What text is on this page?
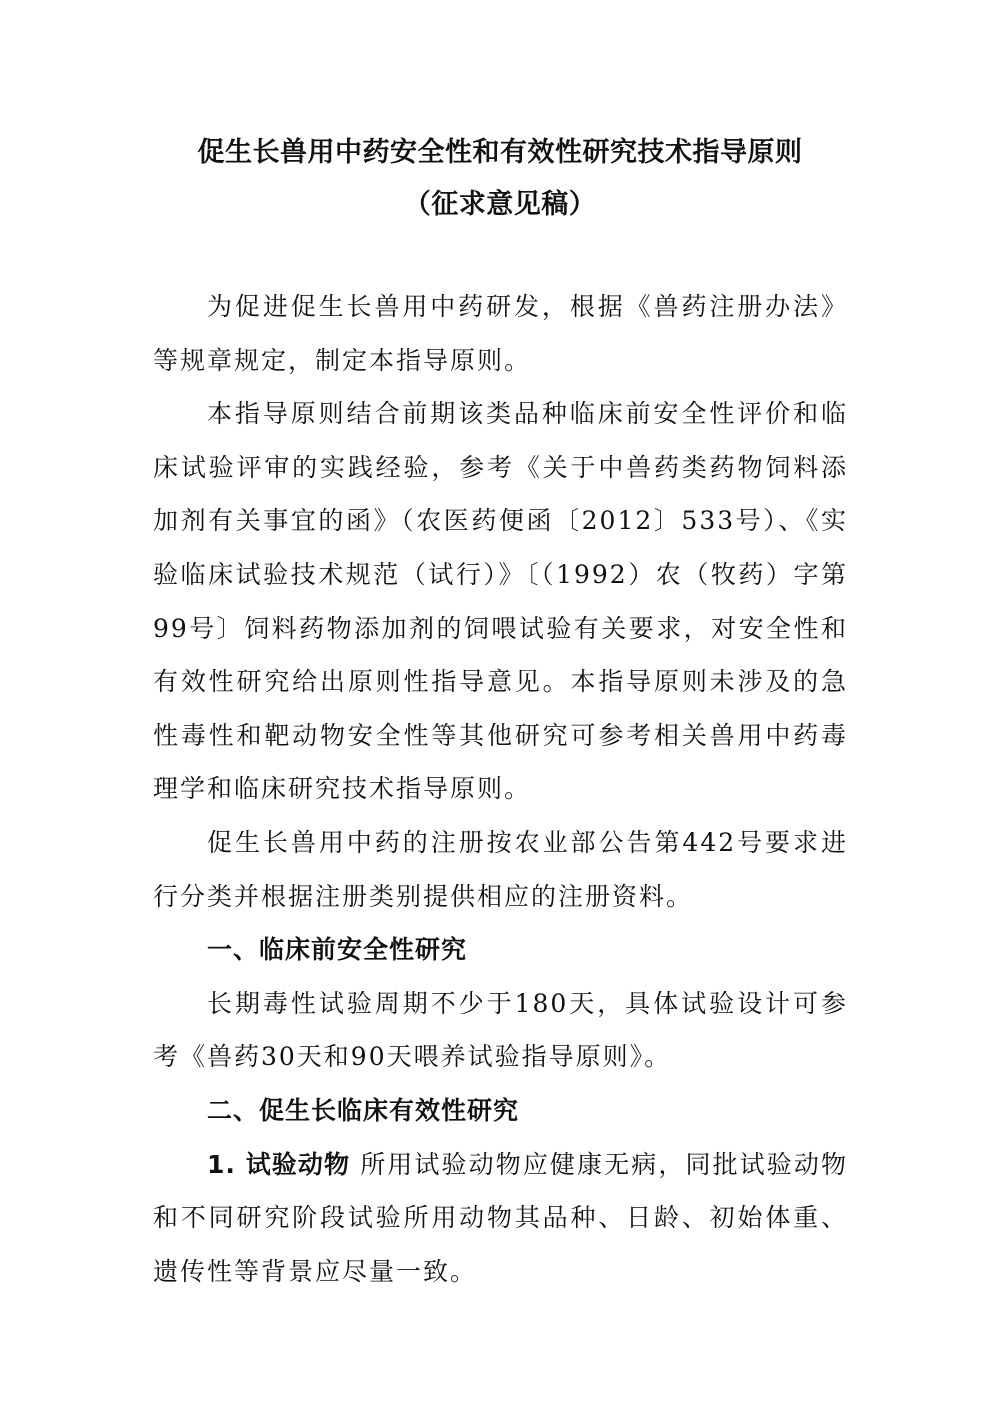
促生长兽用中药安全性和有效性研究技术指导原则
（征求意见稿）

为促进促生长兽用中药研发，根据《兽药注册办法》等规章规定，制定本指导原则。

本指导原则结合前期该类品种临床前安全性评价和临床试验评审的实践经验，参考《关于中兽药类药物饲料添加剂有关事宜的函》（农医药便函〔2012〕533号）、《实验临床试验技术规范（试行）》〔（1992）农（牧药）字第99号〕饲料药物添加剂的饲喂试验有关要求，对安全性和有效性研究给出原则性指导意见。本指导原则未涉及的急性毒性和靶动物安全性等其他研究可参考相关兽用中药毒理学和临床研究技术指导原则。

促生长兽用中药的注册按农业部公告第442号要求进行分类并根据注册类别提供相应的注册资料。

一、临床前安全性研究

长期毒性试验周期不少于180天，具体试验设计可参考《兽药30天和90天喂养试验指导原则》。

二、促生长临床有效性研究

1. 试验动物 所用试验动物应健康无病，同批试验动物和不同研究阶段试验所用动物其品种、日龄、初始体重、遗传性等背景应尽量一致。
